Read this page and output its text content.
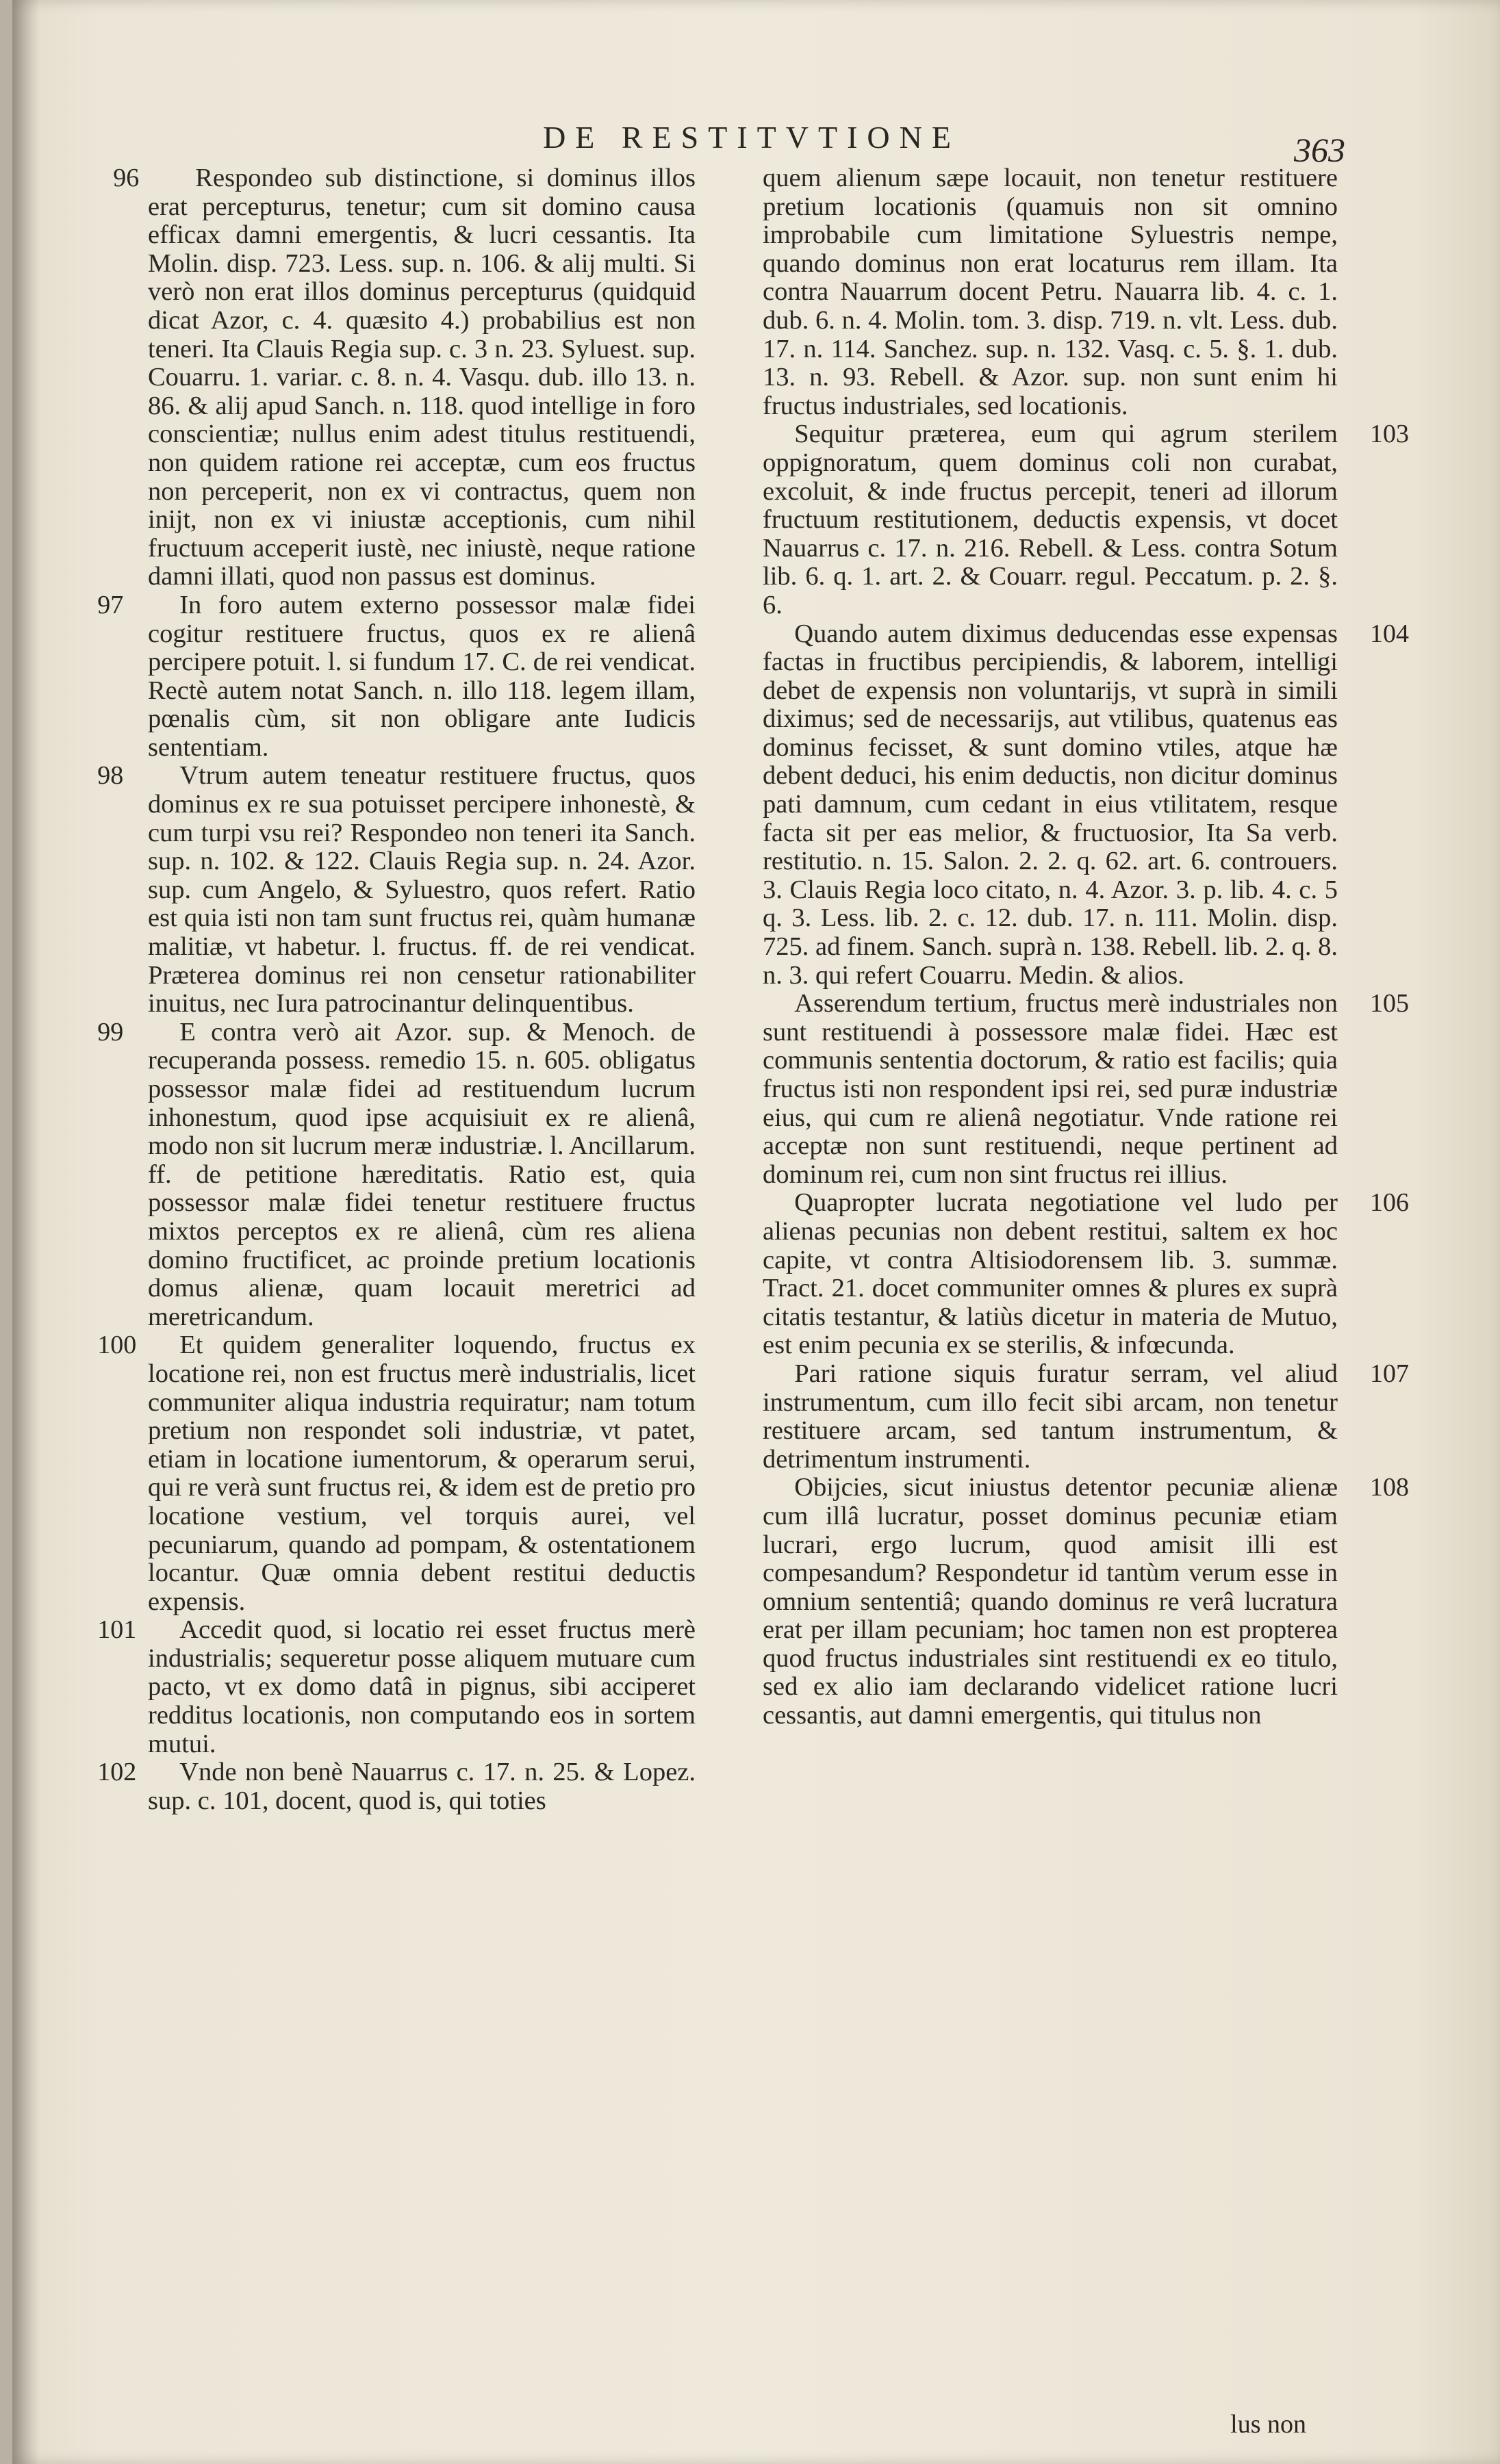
DE RESTITVTIONE	363

96 Respondeo sub distinctione, si dominus illos erat percepturus, tenetur; cum sit domino causa efficax damni emergentis, & lucri cessantis. Ita Molin. disp. 723. Less. sup. n. 106. & alij multi. Si verò non erat illos dominus percepturus (quidquid dicat Azor, c. 4. quæsito 4.) probabilius est non teneri. Ita Clauis Regia sup. c. 3 n. 23. Syluest. sup. Couarru. 1. variar. c. 8. n. 4. Vasqu. dub. illo 13. n. 86. & alij apud Sanch. n. 118. quod intellige in foro conscientiæ; nullus enim adest titulus restituendi, non quidem ratione rei acceptæ, cum eos fructus non perceperit, non ex vi contractus, quem non inijt, non ex vi iniustæ acceptionis, cum nihil fructuum acceperit iustè, nec iniustè, neque ratione damni illati, quod non passus est dominus.

97 In foro autem externo possessor malæ fidei cogitur restituere fructus, quos ex re alienâ percipere potuit. l. si fundum 17. C. de rei vendicat. Rectè autem notat Sanch. n. illo 118. legem illam, pœnalis cùm, sit non obligare ante Iudicis sententiam.

98 Vtrum autem teneatur restituere fructus, quos dominus ex re sua potuisset percipere inhonestè, & cum turpi vsu rei? Respondeo non teneri ita Sanch. sup. n. 102. & 122. Clauis Regia sup. n. 24. Azor. sup. cum Angelo, & Syluestro, quos refert. Ratio est quia isti non tam sunt fructus rei, quàm humanæ malitiæ, vt habetur. l. fructus. ff. de rei vendicat. Præterea dominus rei non censetur rationabiliter inuitus, nec Iura patrocinantur delinquentibus.

99 E contra verò ait Azor. sup. & Menoch. de recuperanda possess. remedio 15. n. 605. obligatus possessor malæ fidei ad restituendum lucrum inhonestum, quod ipse acquisiuit ex re alienâ, modo non sit lucrum meræ industriæ. l. Ancillarum. ff. de petitione hæreditatis. Ratio est, quia possessor malæ fidei tenetur restituere fructus mixtos perceptos ex re alienâ, cùm res aliena domino fructificet, ac proinde pretium locationis domus alienæ, quam locauit meretrici ad meretricandum.

100 Et quidem generaliter loquendo, fructus ex locatione rei, non est fructus merè industrialis, licet communiter aliqua industria requiratur; nam totum pretium non respondet soli industriæ, vt patet, etiam in locatione iumentorum, & operarum serui, qui re verà sunt fructus rei, & idem est de pretio pro locatione vestium, vel torquis aurei, vel pecuniarum, quando ad pompam, & ostentationem locantur. Quæ omnia debent restitui deductis expensis.

101 Accedit quod, si locatio rei esset fructus merè industrialis; sequeretur posse aliquem mutuare cum pacto, vt ex domo datâ in pignus, sibi acciperet redditus locationis, non computando eos in sortem mutui.

102 Vnde non benè Nauarrus c. 17. n. 25. & Lopez. sup. c. 101, docent, quod is, qui toties

quem alienum sæpe locauit, non tenetur restituere pretium locationis (quamuis non sit omnino improbabile cum limitatione Syluestris nempe, quando dominus non erat locaturus rem illam. Ita contra Nauarrum docent Petru. Nauarra lib. 4. c. 1. dub. 6. n. 4. Molin. tom. 3. disp. 719. n. vlt. Less. dub. 17. n. 114. Sanchez. sup. n. 132. Vasq. c. 5. §. 1. dub. 13. n. 93. Rebell. & Azor. sup. non sunt enim hi fructus industriales, sed locationis.

103
Sequitur præterea, eum qui agrum sterilem oppignoratum, quem dominus coli non curabat, excoluit, & inde fructus percepit, teneri ad illorum fructuum restitutionem, deductis expensis, vt docet Nauarrus c. 17. n. 216. Rebell. & Less. contra Sotum lib. 6. q. 1. art. 2. & Couarr. regul. Peccatum. p. 2. §. 6.

104
Quando autem diximus deducendas esse expensas factas in fructibus percipiendis, & laborem, intelligi debet de expensis non voluntarijs, vt suprà in simili diximus; sed de necessarijs, aut vtilibus, quatenus eas dominus fecisset, & sunt domino vtiles, atque hæ debent deduci, his enim deductis, non dicitur dominus pati damnum, cum cedant in eius vtilitatem, resque facta sit per eas melior, & fructuosior, Ita Sa verb. restitutio. n. 15. Salon. 2. 2. q. 62. art. 6. controuers. 3. Clauis Regia loco citato, n. 4. Azor. 3. p. lib. 4. c. 5 q. 3. Less. lib. 2. c. 12. dub. 17. n. 111. Molin. disp. 725. ad finem. Sanch. suprà n. 138. Rebell. lib. 2. q. 8. n. 3. qui refert Couarru. Medin. & alios.

105
Asserendum tertium, fructus merè industriales non sunt restituendi à possessore malæ fidei. Hæc est communis sententia doctorum, & ratio est facilis; quia fructus isti non respondent ipsi rei, sed puræ industriæ eius, qui cum re alienâ negotiatur. Vnde ratione rei acceptæ non sunt restituendi, neque pertinent ad dominum rei, cum non sint fructus rei illius.

106
Quapropter lucrata negotiatione vel ludo per alienas pecunias non debent restitui, saltem ex hoc capite, vt contra Altisiodorensem lib. 3. summæ. Tract. 21. docet communiter omnes & plures ex suprà citatis testantur, & latiùs dicetur in materia de Mutuo, est enim pecunia ex se sterilis, & infœcunda.

107
Pari ratione siquis furatur serram, vel aliud instrumentum, cum illo fecit sibi arcam, non tenetur restituere arcam, sed tantum instrumentum, & detrimentum instrumenti.

108
Obijcies, sicut iniustus detentor pecuniæ alienæ cum illâ lucratur, posset dominus pecuniæ etiam lucrari, ergo lucrum, quod amisit illi est compesandum? Respondetur id tantùm verum esse in omnium sententiâ; quando dominus re verâ lucratura erat per illam pecuniam; hoc tamen non est propterea quod fructus industriales sint restituendi ex eo titulo, sed ex alio iam declarando videlicet ratione lucri cessantis, aut damni emergentis, qui titulus non

lus non
